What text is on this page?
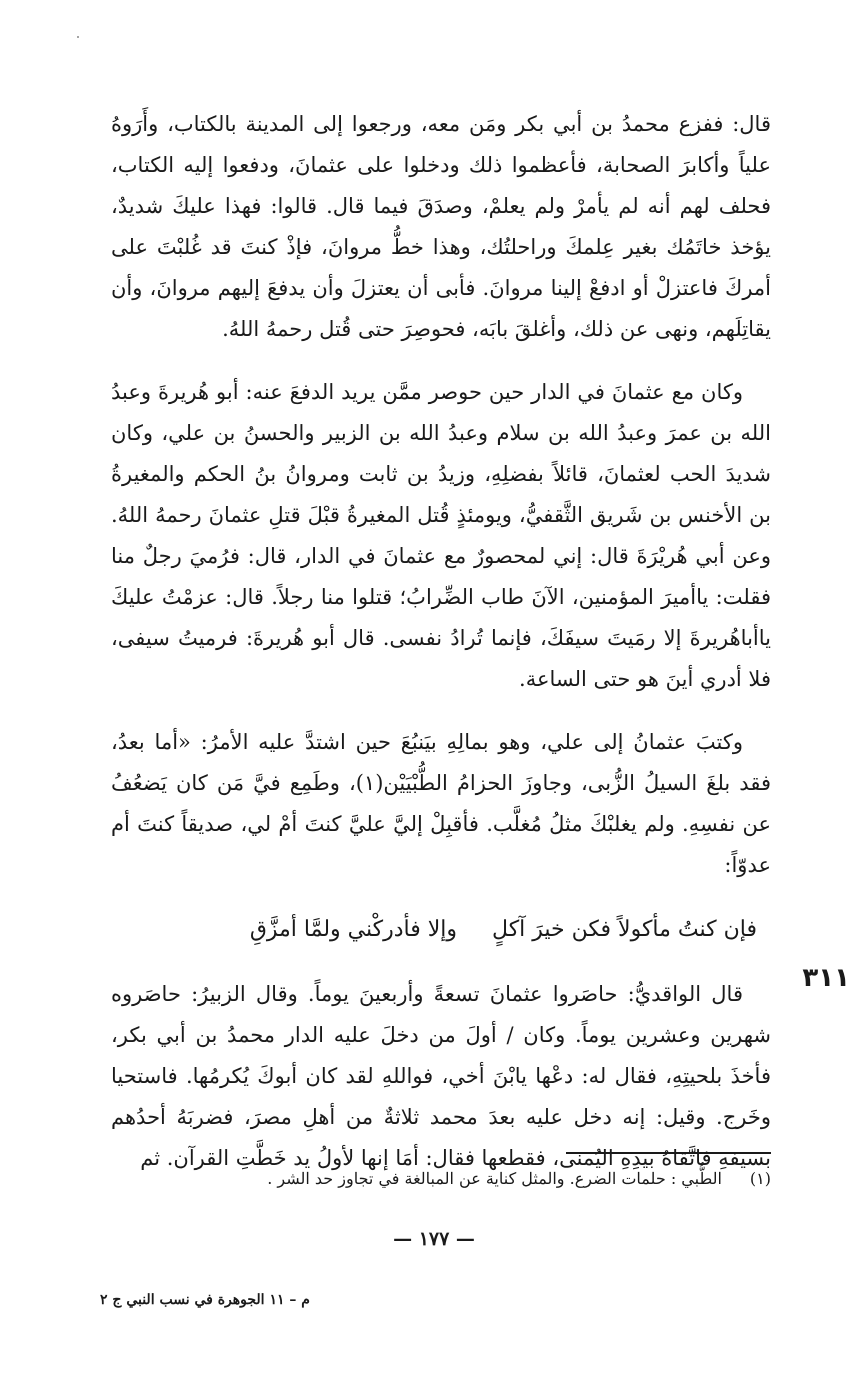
قال: ففزع محمدُ بن أبي بكر ومَن معه، ورجعوا إلى المدينة بالكتاب، وأَرَوهُ علياً وأكابرَ الصحابة، فأعظموا ذلك ودخلوا على عثمانَ، ودفعوا إليه الكتاب، فحلف لهم أنه لم يأمرْ ولم يعلمْ، وصدَقَ فيما قال. قالوا: فهذا عليكَ شديدٌ، يؤخذ خاتَمُك بغير عِلمكَ وراحلتُك، وهذا خطُّ مروانَ، فإذْ كنتَ قد غُلبْتَ على أمركَ فاعتزلْ أو ادفعْ إلينا مروانَ. فأبى أن يعتزلَ وأن يدفعَ إليهم مروانَ، وأن يقاتِلَهم، ونهى عن ذلك، وأغلقَ بابَه، فحوصِرَ حتى قُتل رحمهُ اللهُ.

وكان مع عثمانَ في الدار حين حوصر ممَّن يريد الدفعَ عنه: أبو هُريرةَ وعبدُ الله بن عمرَ وعبدُ الله بن سلام وعبدُ الله بن الزبير والحسنُ بن علي، وكان شديدَ الحب لعثمانَ، قائلاً بفضلِهِ، وزيدُ بن ثابت ومروانُ بنُ الحكم والمغيرةُ بن الأخنس بن شَريق الثَّقفيُّ، ويومئذٍ قُتل المغيرةُ قبْلَ قتلِ عثمانَ رحمهُ اللهُ. وعن أبي هُريْرَةَ قال: إني لمحصورٌ مع عثمانَ في الدار، قال: فرُميَ رجلٌ منا فقلت: ياأميرَ المؤمنين، الآنَ طاب الضِّرابُ؛ قتلوا منا رجلاً. قال: عزمْتُ عليكَ ياأباهُريرةَ إلا رمَيتَ سيفَكَ، فإنما تُرادُ نفسى. قال أبو هُريرةَ: فرميتُ سيفى، فلا أدري أينَ هو حتى الساعة.

وكتبَ عثمانُ إلى علي، وهو بمالِهِ بيَنبُعَ حين اشتدَّ عليه الأمرُ: «أما بعدُ، فقد بلغَ السيلُ الزُّبى، وجاوزَ الحزامُ الطُّبْيَيْن(١)، وطَمِع فيَّ مَن كان يَضعُفُ عن نفسِهِ. ولم يغلبْكَ مثلُ مُغلَّب. فأقبِلْ إليَّ عليَّ كنتَ أمْ لي، صديقاً كنتَ أم عدوّاً:

فإن كنتُ مأكولاً فكن خيرَ آكلٍ وإلا فأدركْني ولمَّا أمزَّقِ

قال الواقديُّ: حاصَروا عثمانَ تسعةً وأربعينَ يوماً. وقال الزبيرُ: حاصَروه شهرين وعشرين يوماً. وكان / أولَ من دخلَ عليه الدار محمدُ بن أبي بكر، فأخذَ بلحيتِهِ، فقال له: دعْها يابْنَ أخي، فواللهِ لقد كان أبوكَ يُكرمُها. فاستحيا وخَرج. وقيل: إنه دخل عليه بعدَ محمد ثلاثةٌ من أهلِ مصرَ، فضربَهُ أحدُهم بسيفهِ فاتَّقاهُ بيدِهِ اليُمنى، فقطعها فقال: أمَا إنها لأولُ يد خَطَّتِ القرآن. ثم

٣١١
(١)الطُّبي : حلمات الضرع. والمثل كناية عن المبالغة في تجاوز حد الشر .
— ١٧٧ —
م – ١١ الجوهرة في نسب النبي ج ٢
